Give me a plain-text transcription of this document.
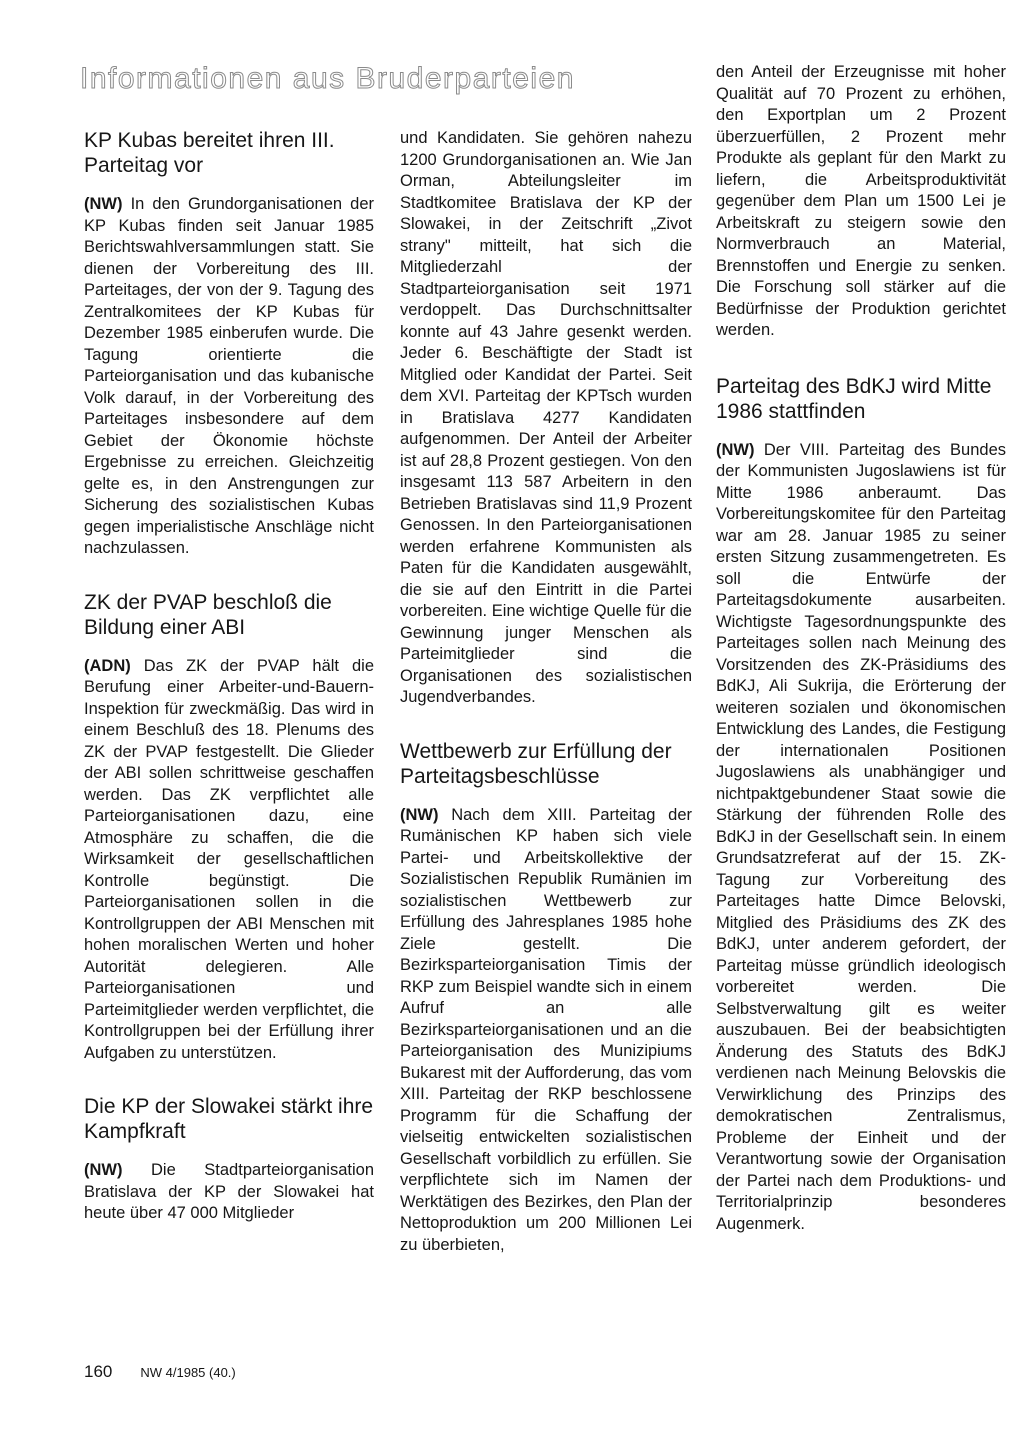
Informationen aus Bruderparteien
KP Kubas bereitet ihren III. Parteitag vor

(NW) In den Grundorganisationen der KP Kubas finden seit Januar 1985 Berichtswahlversammlungen statt. Sie dienen der Vorbereitung des III. Parteitages, der von der 9. Tagung des Zentralkomitees der KP Kubas für Dezember 1985 einberufen wurde. Die Tagung orientierte die Parteiorganisation und das kubanische Volk darauf, in der Vorbereitung des Parteitages insbesondere auf dem Gebiet der Ökonomie höchste Ergebnisse zu erreichen. Gleichzeitig gelte es, in den Anstrengungen zur Sicherung des sozialistischen Kubas gegen imperialistische Anschläge nicht nachzulassen.

ZK der PVAP beschloß die Bildung einer ABI

(ADN) Das ZK der PVAP hält die Berufung einer Arbeiter-und-Bauern-Inspektion für zweckmäßig. Das wird in einem Beschluß des 18. Plenums des ZK der PVAP festgestellt. Die Glieder der ABI sollen schrittweise geschaffen werden. Das ZK verpflichtet alle Parteiorganisationen dazu, eine Atmosphäre zu schaffen, die die Wirksamkeit der gesellschaftlichen Kontrolle begünstigt. Die Parteiorganisationen sollen in die Kontrollgruppen der ABI Menschen mit hohen moralischen Werten und hoher Autorität delegieren. Alle Parteiorganisationen und Parteimitglieder werden verpflichtet, die Kontrollgruppen bei der Erfüllung ihrer Aufgaben zu unterstützen.

Die KP der Slowakei stärkt ihre Kampfkraft

(NW) Die Stadtparteiorganisation Bratislava der KP der Slowakei hat heute über 47 000 Mitglieder

und Kandidaten. Sie gehören nahezu 1200 Grundorganisationen an. Wie Jan Orman, Abteilungsleiter im Stadtkomitee Bratislava der KP der Slowakei, in der Zeitschrift „Zivot strany" mitteilt, hat sich die Mitgliederzahl der Stadtparteiorganisation seit 1971 verdoppelt. Das Durchschnittsalter konnte auf 43 Jahre gesenkt werden. Jeder 6. Beschäftigte der Stadt ist Mitglied oder Kandidat der Partei. Seit dem XVI. Parteitag der KPTsch wurden in Bratislava 4277 Kandidaten aufgenommen. Der Anteil der Arbeiter ist auf 28,8 Prozent gestiegen. Von den insgesamt 113 587 Arbeitern in den Betrieben Bratislavas sind 11,9 Prozent Genossen. In den Parteiorganisationen werden erfahrene Kommunisten als Paten für die Kandidaten ausgewählt, die sie auf den Eintritt in die Partei vorbereiten. Eine wichtige Quelle für die Gewinnung junger Menschen als Parteimitglieder sind die Organisationen des sozialistischen Jugendverbandes.

Wettbewerb zur Erfüllung der Parteitagsbeschlüsse

(NW) Nach dem XIII. Parteitag der Rumänischen KP haben sich viele Partei- und Arbeitskollektive der Sozialistischen Republik Rumänien im sozialistischen Wettbewerb zur Erfüllung des Jahresplanes 1985 hohe Ziele gestellt. Die Bezirksparteiorganisation Timis der RKP zum Beispiel wandte sich in einem Aufruf an alle Bezirksparteiorganisationen und an die Parteiorganisation des Munizipiums Bukarest mit der Aufforderung, das vom XIII. Parteitag der RKP beschlossene Programm für die Schaffung der vielseitig entwickelten sozialistischen Gesellschaft vorbildlich zu erfüllen. Sie verpflichtete sich im Namen der Werktätigen des Bezirkes, den Plan der Nettoproduktion um 200 Millionen Lei zu überbieten,

den Anteil der Erzeugnisse mit hoher Qualität auf 70 Prozent zu erhöhen, den Exportplan um 2 Prozent überzuerfüllen, 2 Prozent mehr Produkte als geplant für den Markt zu liefern, die Arbeitsproduktivität gegenüber dem Plan um 1500 Lei je Arbeitskraft zu steigern sowie den Normverbrauch an Material, Brennstoffen und Energie zu senken. Die Forschung soll stärker auf die Bedürfnisse der Produktion gerichtet werden.

Parteitag des BdKJ wird Mitte 1986 stattfinden

(NW) Der VIII. Parteitag des Bundes der Kommunisten Jugoslawiens ist für Mitte 1986 anberaumt. Das Vorbereitungskomitee für den Parteitag war am 28. Januar 1985 zu seiner ersten Sitzung zusammengetreten. Es soll die Entwürfe der Parteitagsdokumente ausarbeiten. Wichtigste Tagesordnungspunkte des Parteitages sollen nach Meinung des Vorsitzenden des ZK-Präsidiums des BdKJ, Ali Sukrija, die Erörterung der weiteren sozialen und ökonomischen Entwicklung des Landes, die Festigung der internationalen Positionen Jugoslawiens als unabhängiger und nichtpaktgebundener Staat sowie die Stärkung der führenden Rolle des BdKJ in der Gesellschaft sein. In einem Grundsatzreferat auf der 15. ZK-Tagung zur Vorbereitung des Parteitages hatte Dimce Belovski, Mitglied des Präsidiums des ZK des BdKJ, unter anderem gefordert, der Parteitag müsse gründlich ideologisch vorbereitet werden. Die Selbstverwaltung gilt es weiter auszubauen. Bei der beabsichtigten Änderung des Statuts des BdKJ verdienen nach Meinung Belovskis die Verwirklichung des Prinzips des demokratischen Zentralismus, Probleme der Einheit und der Verantwortung sowie der Organisation der Partei nach dem Produktions- und Territorialprinzip besonderes Augenmerk.

160 NW 4/1985 (40.)
